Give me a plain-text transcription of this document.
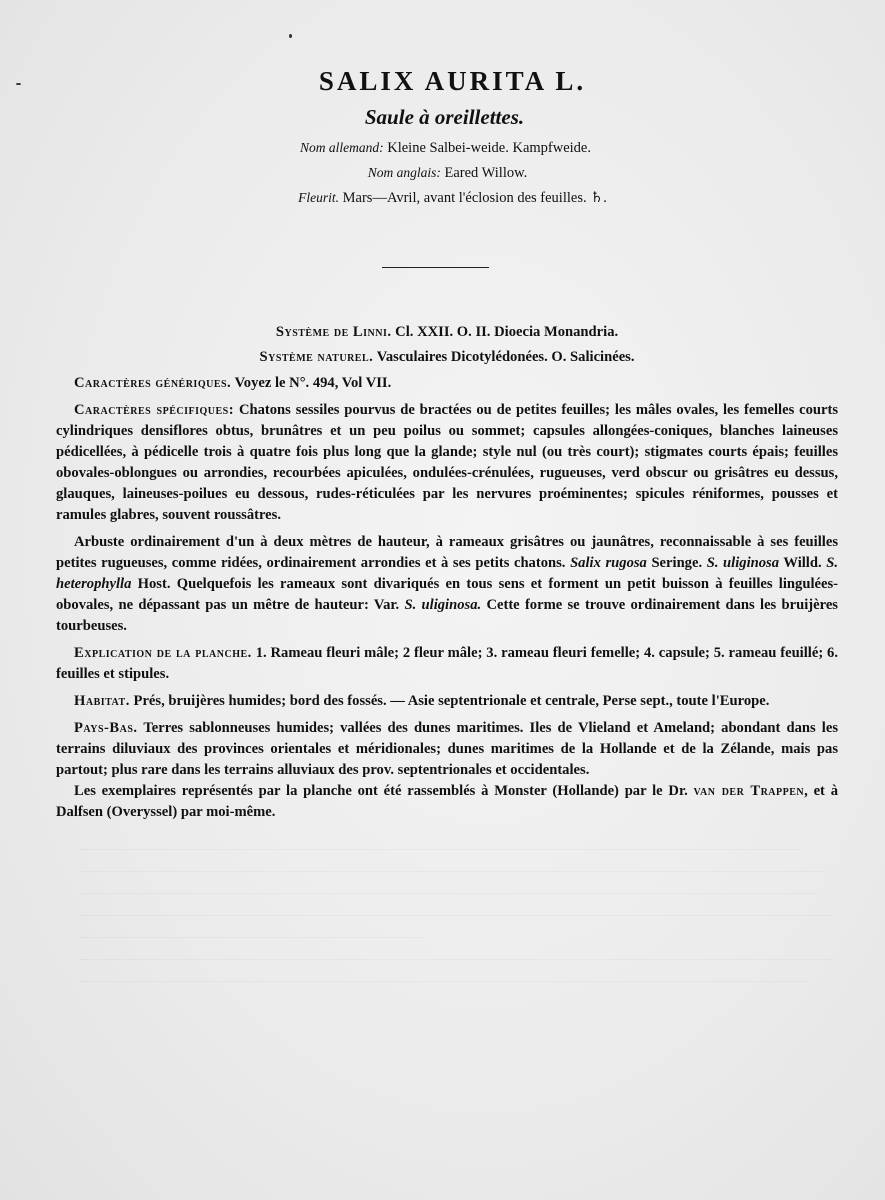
SALIX AURITA L.
Saule à oreillettes.
Nom allemand: Kleine Salbei-weide. Kampfweide.
Nom anglais: Eared Willow.
Fleurit. Mars—Avril, avant l'éclosion des feuilles. ♄.

Système de Linni. Cl. XXII. O. II. Dioecia Monandria.

Système naturel. Vasculaires Dicotylédonées. O. Salicinées.

Caractères génériques. Voyez le N°. 494, Vol VII.

Caractères spécifiques: Chatons sessiles pourvus de bractées ou de petites feuilles; les mâles ovales, les femelles courts cylindriques densiflores obtus, brunâtres et un peu poilus ou sommet; capsules allongées-coniques, blanches laineuses pédicellées, à pédicelle trois à quatre fois plus long que la glande; style nul (ou très court); stigmates courts épais; feuilles obovales-oblongues ou arrondies, recourbées apiculées, ondulées-crénulées, rugueuses, verd obscur ou grisâtres eu dessus, glauques, laineuses-poilues eu dessous, rudes-réticulées par les nervures proéminentes; spicules réniformes, pousses et ramules glabres, souvent roussâtres.

Arbuste ordinairement d'un à deux mètres de hauteur, à rameaux grisâtres ou jaunâtres, reconnaissable à ses feuilles petites rugueuses, comme ridées, ordinairement arrondies et à ses petits chatons. Salix rugosa Seringe. S. uliginosa Willd. S. heterophylla Host. Quelquefois les rameaux sont divariqués en tous sens et forment un petit buisson à feuilles lingulées-obovales, ne dépassant pas un mêtre de hauteur: Var. S. uliginosa. Cette forme se trouve ordinairement dans les bruijères tourbeuses.

Explication de la planche. 1. Rameau fleuri mâle; 2 fleur mâle; 3. rameau fleuri femelle; 4. capsule; 5. rameau feuillé; 6. feuilles et stipules.

Habitat. Prés, bruijères humides; bord des fossés. — Asie septentrionale et centrale, Perse sept., toute l'Europe.

Pays-Bas. Terres sablonneuses humides; vallées des dunes maritimes. Iles de Vlieland et Ameland; abondant dans les terrains diluviaux des provinces orientales et méridionales; dunes maritimes de la Hollande et de la Zélande, mais pas partout; plus rare dans les terrains alluviaux des prov. septentrionales et occidentales.

Les exemplaires représentés par la planche ont été rassemblés à Monster (Hollande) par le Dr. van der Trappen, et à Dalfsen (Overyssel) par moi-même.
